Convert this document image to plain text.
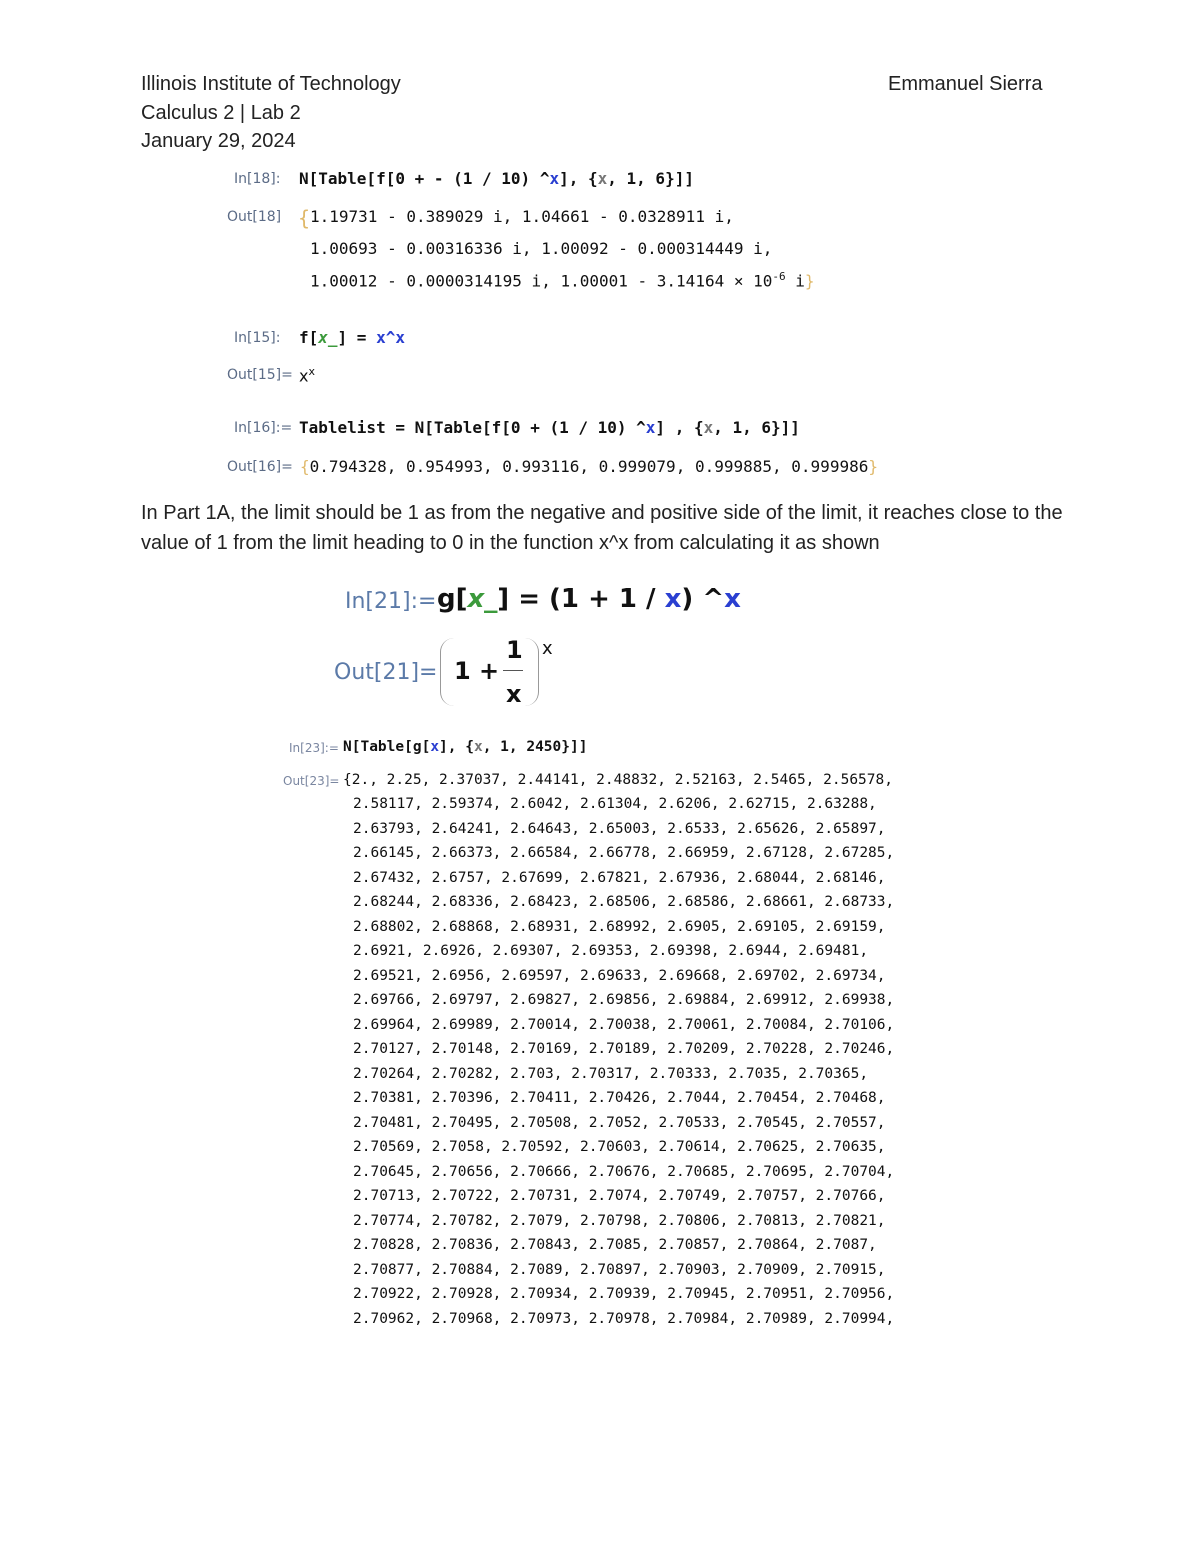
Illinois Institute of Technology
Calculus 2 | Lab 2
January 29, 2024
Emmanuel Sierra
In[18]: N[Table[f[0 + - (1 / 10) ^x], {x, 1, 6}]]
Out[18] { 1.19731 - 0.389029 i, 1.04661 - 0.0328911 i,
1.00693 - 0.00316336 i, 1.00092 - 0.000314449 i,
1.00012 - 0.0000314195 i, $1.00001 - 3.14164 \times 10^{-6}$ i}
In[15]: f[x_] = x^x
$Out[15]= x^x$
In[16]:= Tablelist = N[Table[f[0 + (1 / 10) ^x] , {x, 1, 6}]]
Out[16]= {0.794328, 0.954993, 0.993116, 0.999079, 0.999885, 0.999986}
In Part 1A, the limit should be 1 as from the negative and positive side of the limit, it reaches close to the value of 1 from the limit heading to 0 in the function x^x from calculating it as shown
In[21]:= g[x_] = (1 + 1 / x) ^x
Out[21]= 1 +
1
x
x
In[23]:= N[Table[g[x], {x, 1, 2450}]]
Out[23]= {2., 2.25, 2.37037, 2.44141, 2.48832, 2.52163, 2.5465, 2.56578,
2.58117, 2.59374, 2.6042, 2.61304, 2.6206, 2.62715, 2.63288,
2.63793, 2.64241, 2.64643, 2.65003, 2.6533, 2.65626, 2.65897,
2.66145, 2.66373, 2.66584, 2.66778, 2.66959, 2.67128, 2.67285,
2.67432, 2.6757, 2.67699, 2.67821, 2.67936, 2.68044, 2.68146,
2.68244, 2.68336, 2.68423, 2.68506, 2.68586, 2.68661, 2.68733,
2.68802, 2.68868, 2.68931, 2.68992, 2.6905, 2.69105, 2.69159,
2.6921, 2.6926, 2.69307, 2.69353, 2.69398, 2.6944, 2.69481,
2.69521, 2.6956, 2.69597, 2.69633, 2.69668, 2.69702, 2.69734,
2.69766, 2.69797, 2.69827, 2.69856, 2.69884, 2.69912, 2.69938,
2.69964, 2.69989, 2.70014, 2.70038, 2.70061, 2.70084, 2.70106,
2.70127, 2.70148, 2.70169, 2.70189, 2.70209, 2.70228, 2.70246,
2.70264, 2.70282, 2.703, 2.70317, 2.70333, 2.7035, 2.70365,
2.70381, 2.70396, 2.70411, 2.70426, 2.7044, 2.70454, 2.70468,
2.70481, 2.70495, 2.70508, 2.7052, 2.70533, 2.70545, 2.70557,
2.70569, 2.7058, 2.70592, 2.70603, 2.70614, 2.70625, 2.70635,
2.70645, 2.70656, 2.70666, 2.70676, 2.70685, 2.70695, 2.70704,
2.70713, 2.70722, 2.70731, 2.7074, 2.70749, 2.70757, 2.70766,
2.70774, 2.70782, 2.7079, 2.70798, 2.70806, 2.70813, 2.70821,
2.70828, 2.70836, 2.70843, 2.7085, 2.70857, 2.70864, 2.7087,
2.70877, 2.70884, 2.7089, 2.70897, 2.70903, 2.70909, 2.70915,
2.70922, 2.70928, 2.70934, 2.70939, 2.70945, 2.70951, 2.70956,
2.70962, 2.70968, 2.70973, 2.70978, 2.70984, 2.70989, 2.70994,
